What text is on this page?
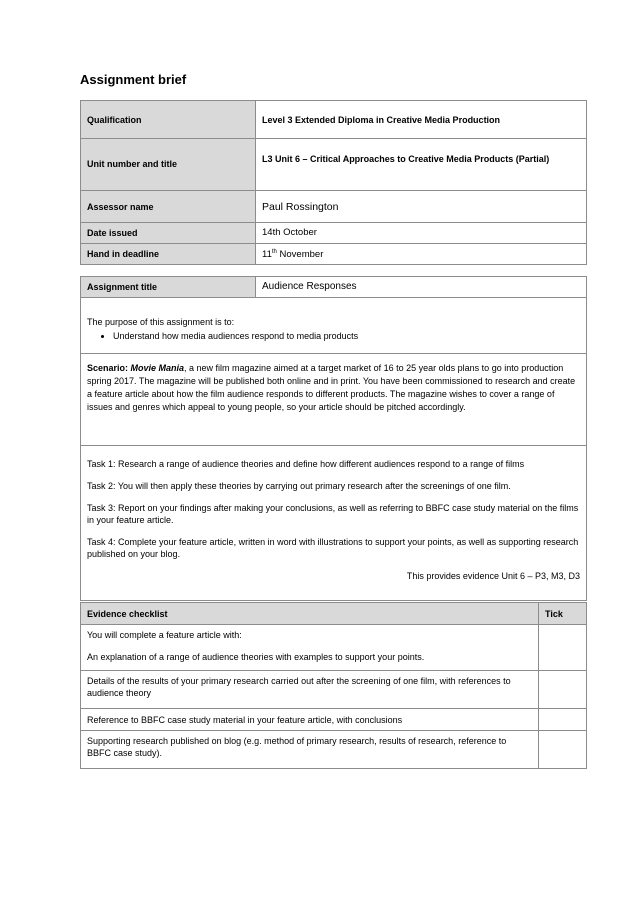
Assignment brief
Qualification	Level 3 Extended Diploma in Creative Media Production
Unit number and title	L3 Unit 6 – Critical Approaches to Creative Media Products (Partial)
Assessor name	Paul Rossington
Date issued	14th October
Hand in deadline	11th November
Assignment title	Audience Responses

The purpose of this assignment is to:

• Understand how media audiences respond to media products

Scenario: Movie Mania, a new film magazine aimed at a target market of 16 to 25 year olds plans to go into production spring 2017. The magazine will be published both online and in print. You have been commissioned to research and create a feature article about how the film audience responds to different products. The magazine wishes to cover a range of issues and genres which appeal to young people, so your article should be pitched accordingly.

Task 1: Research a range of audience theories and define how different audiences respond to a range of films

Task 2: You will then apply these theories by carrying out primary research after the screenings of one film.

Task 3: Report on your findings after making your conclusions, as well as referring to BBFC case study material on the films in your feature article.

Task 4: Complete your feature article, written in word with illustrations to support your points, as well as supporting research published on your blog.

This provides evidence Unit 6 – P3, M3, D3

Evidence checklist	Tick

You will complete a feature article with:

An explanation of a range of audience theories with examples to support your points.	

Details of the results of your primary research carried out after the screening of one film, with references to audience theory	
Reference to BBFC case study material in your feature article, with conclusions	
Supporting research published on blog (e.g. method of primary research, results of research, reference to BBFC case study).	
